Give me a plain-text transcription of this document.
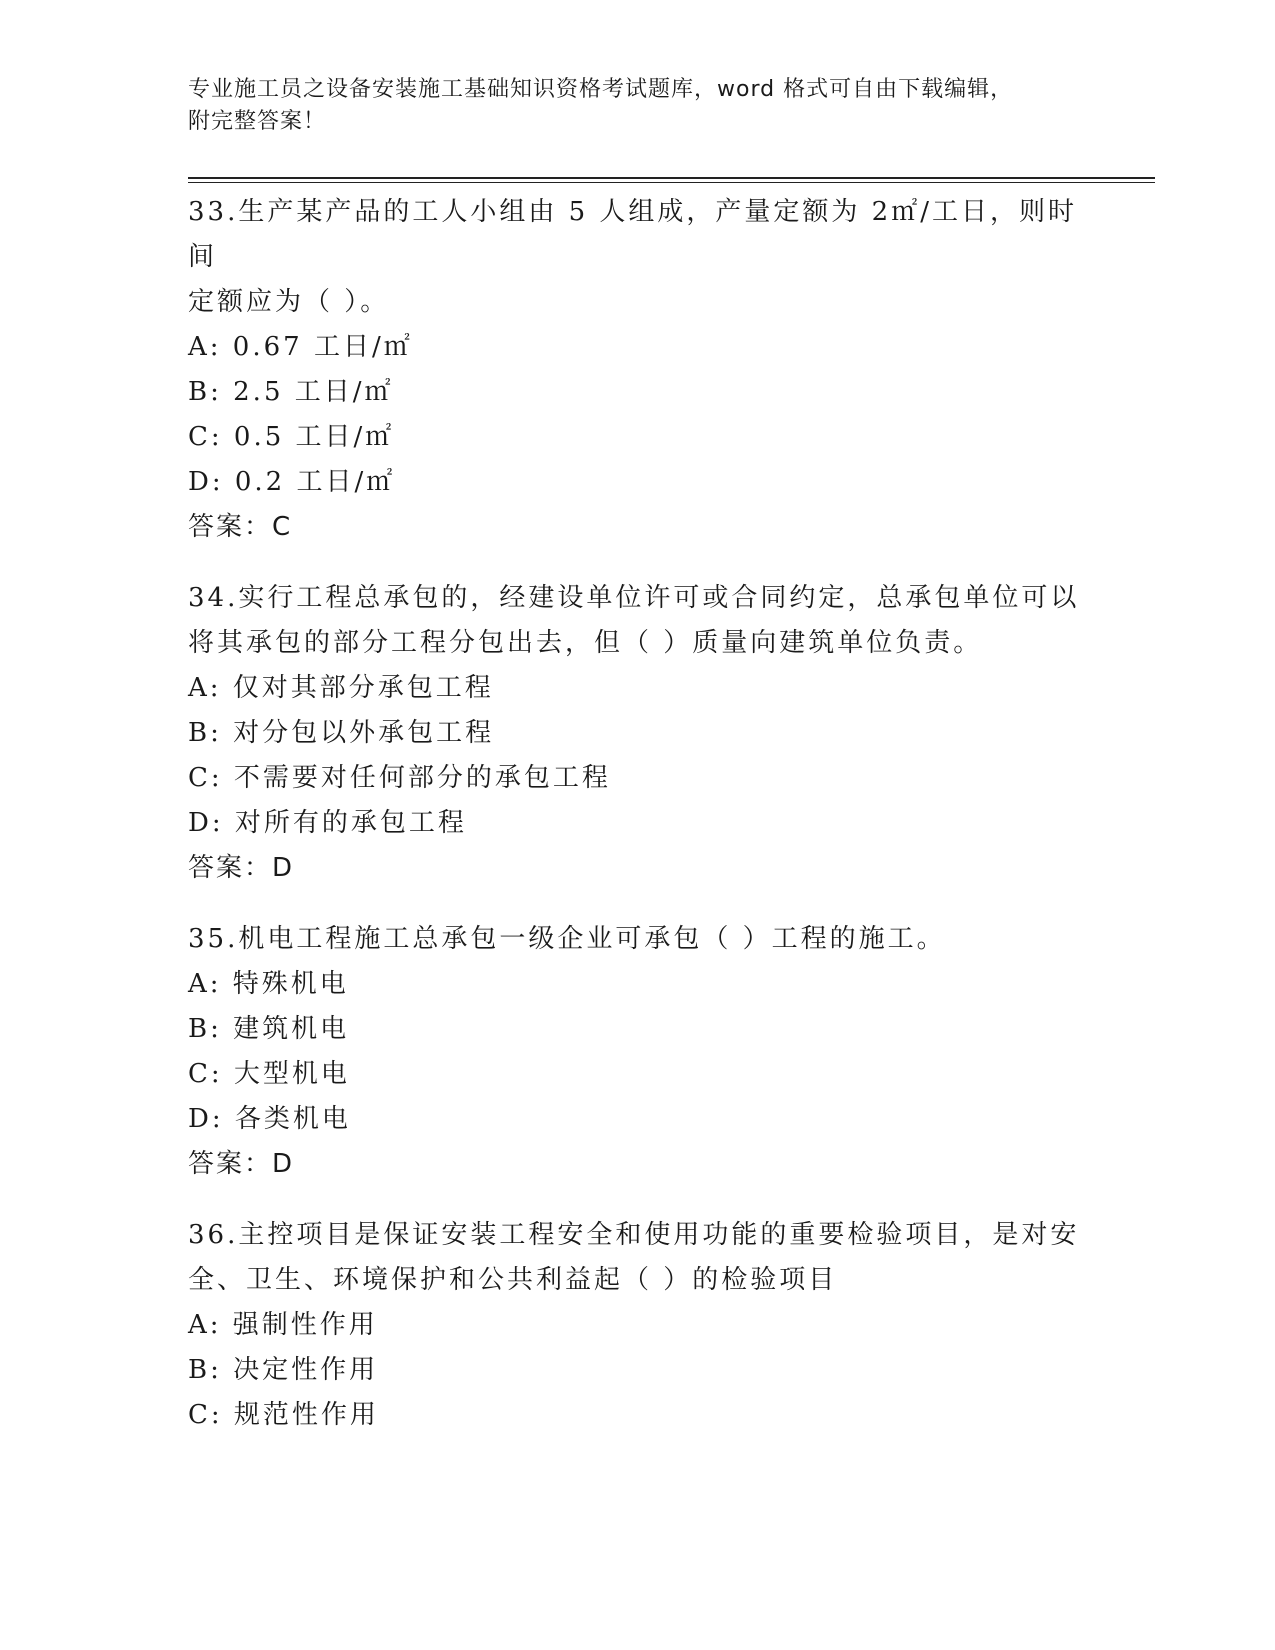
专业施工员之设备安装施工基础知识资格考试题库，word 格式可自由下载编辑，
附完整答案！
33.生产某产品的工人小组由 5 人组成，产量定额为 2㎡/工日，则时间
定额应为（ ）。
A: 0.67 工日/㎡
B: 2.5 工日/㎡
C: 0.5 工日/㎡
D: 0.2 工日/㎡
答案：C
34.实行工程总承包的，经建设单位许可或合同约定，总承包单位可以
将其承包的部分工程分包出去，但（ ）质量向建筑单位负责。
A: 仅对其部分承包工程
B: 对分包以外承包工程
C: 不需要对任何部分的承包工程
D: 对所有的承包工程
答案：D
35.机电工程施工总承包一级企业可承包（ ）工程的施工。
A: 特殊机电
B: 建筑机电
C: 大型机电
D: 各类机电
答案：D
36.主控项目是保证安装工程安全和使用功能的重要检验项目，是对安
全、卫生、环境保护和公共利益起（ ）的检验项目
A: 强制性作用
B: 决定性作用
C: 规范性作用
